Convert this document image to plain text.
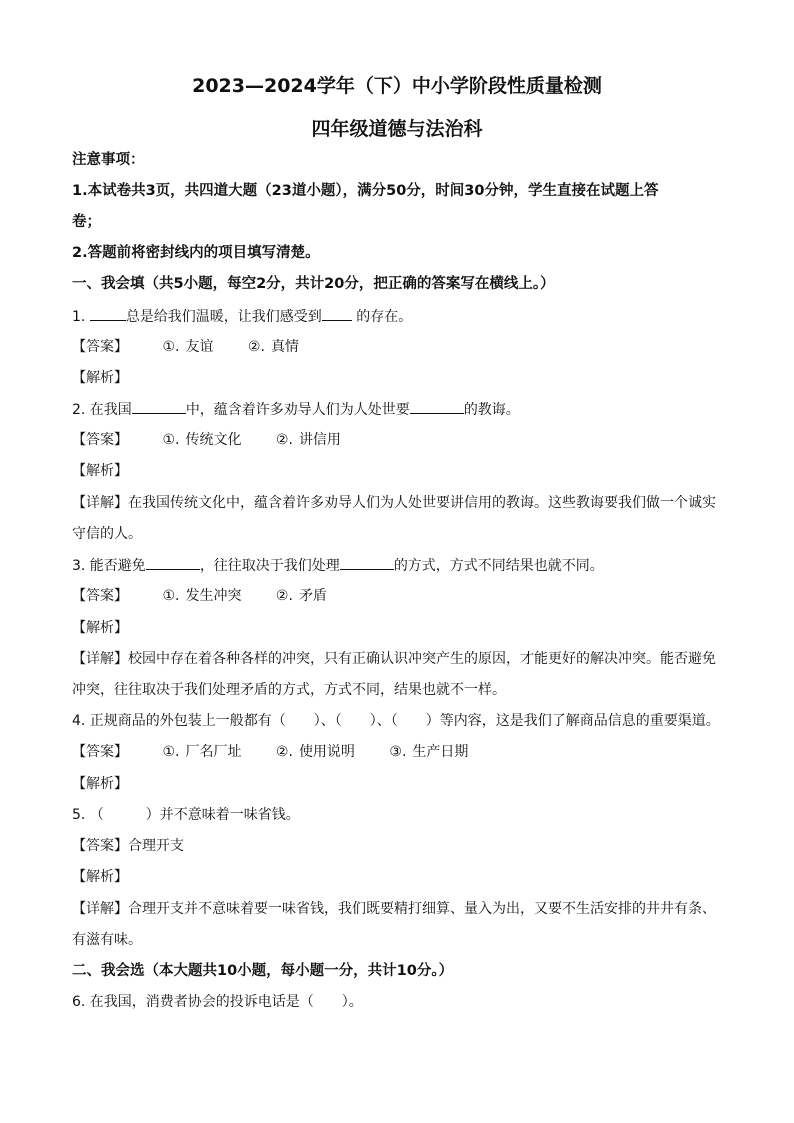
2023—2024学年（下）中小学阶段性质量检测
四年级道德与法治科
注意事项：
1.本试卷共3页，共四道大题（23道小题），满分50分，时间30分钟，学生直接在试题上答
卷；
2.答题前将密封线内的项目填写清楚。
一、我会填（共5小题，每空2分，共计20分，把正确的答案写在横线上。）
1.	总是给我们温暖，让我们感受到 的存在。
【答案】 ①. 友谊 ②. 真情
【解析】
2. 在我国	中，蕴含着许多劝导人们为人处世要	的教诲。
【答案】 ①. 传统文化 ②. 讲信用
【解析】
【详解】在我国传统文化中，蕴含着许多劝导人们为人处世要讲信用的教诲。这些教诲要我们做一个诚实
守信的人。
3. 能否避免	，往往取决于我们处理	的方式，方式不同结果也就不同。
【答案】 ①. 发生冲突 ②. 矛盾
【解析】
【详解】校园中存在着各种各样的冲突，只有正确认识冲突产生的原因，才能更好的解决冲突。能否避免
冲突，往往取决于我们处理矛盾的方式，方式不同，结果也就不一样。
4. 正规商品的外包装上一般都有（　　）、（　　）、（　　）等内容，这是我们了解商品信息的重要渠道。
【答案】 ①. 厂名厂址 ②. 使用说明 ③. 生产日期
【解析】
5. （　　　）并不意味着一味省钱。
【答案】合理开支
【解析】
【详解】合理开支并不意味着要一味省钱，我们既要精打细算、量入为出，又要不生活安排的井井有条、
有滋有味。
二、我会选（本大题共10小题，每小题一分，共计10分。）
6. 在我国，消费者协会的投诉电话是（　　）。
